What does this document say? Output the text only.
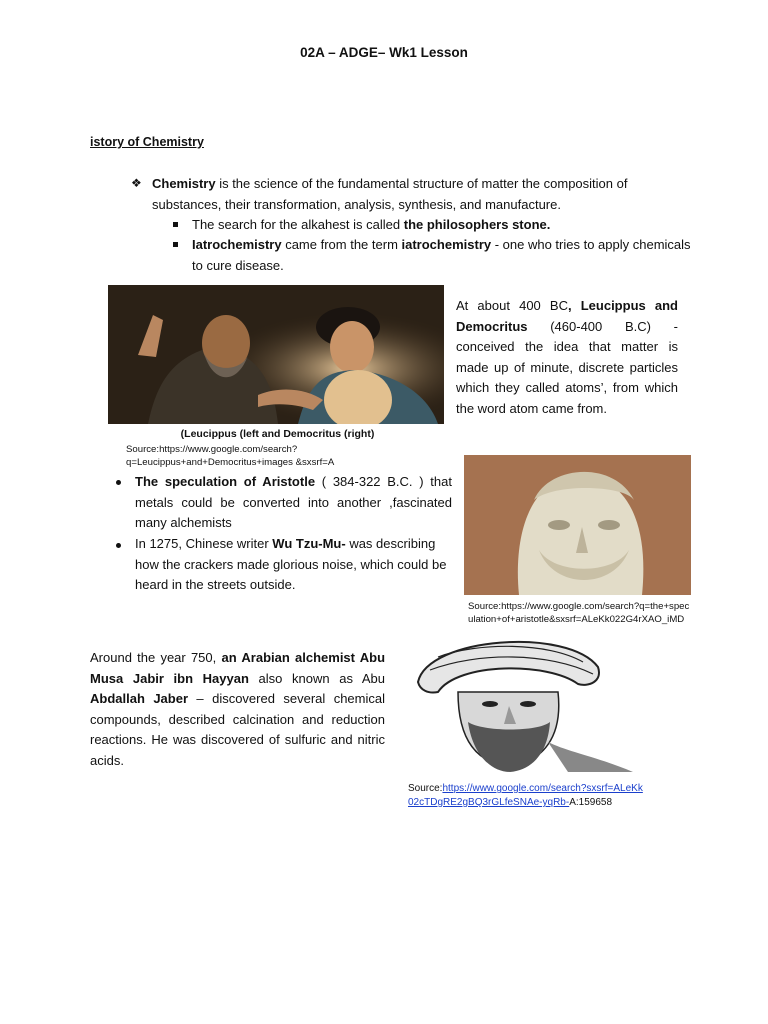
02A – ADGE– Wk1 Lesson
istory of Chemistry
❖ Chemistry is the science of the fundamental structure of matter the composition of substances, their transformation, analysis, synthesis, and manufacture.
The search for the alkahest is called the philosophers stone.
Iatrochemistry came from the term iatrochemistry - one who tries to apply chemicals to cure disease.
At about 400 BC, Leucippus and Democritus (460-400 B.C) - conceived the idea that matter is made up of minute, discrete particles which they called atoms’, from which the word atom came from.
(Leucippus (left and Democritus (right)
Source:https://www.google.com/search?q=Leucippus+and+Democritus+images &sxsrf=A
The speculation of Aristotle ( 384-322 B.C. ) that metals could be converted into another ,fascinated many alchemists
In 1275, Chinese writer Wu Tzu-Mu- was describing how the crackers made glorious noise, which could be heard in the streets outside.
Source:https://www.google.com/search?q=the+speculation+of+aristotle&sxsrf=ALeKk022G4rXAO_iMD
Around the year 750, an Arabian alchemist Abu Musa Jabir ibn Hayyan also known as Abu Abdallah Jaber – discovered several chemical compounds, described calcination and reduction reactions. He was discovered of sulfuric and nitric acids.
Source:https://www.google.com/search?sxsrf=ALeKk02cTDgRE2gBQ3rGLfeSNAe-yqRb-A:159658
